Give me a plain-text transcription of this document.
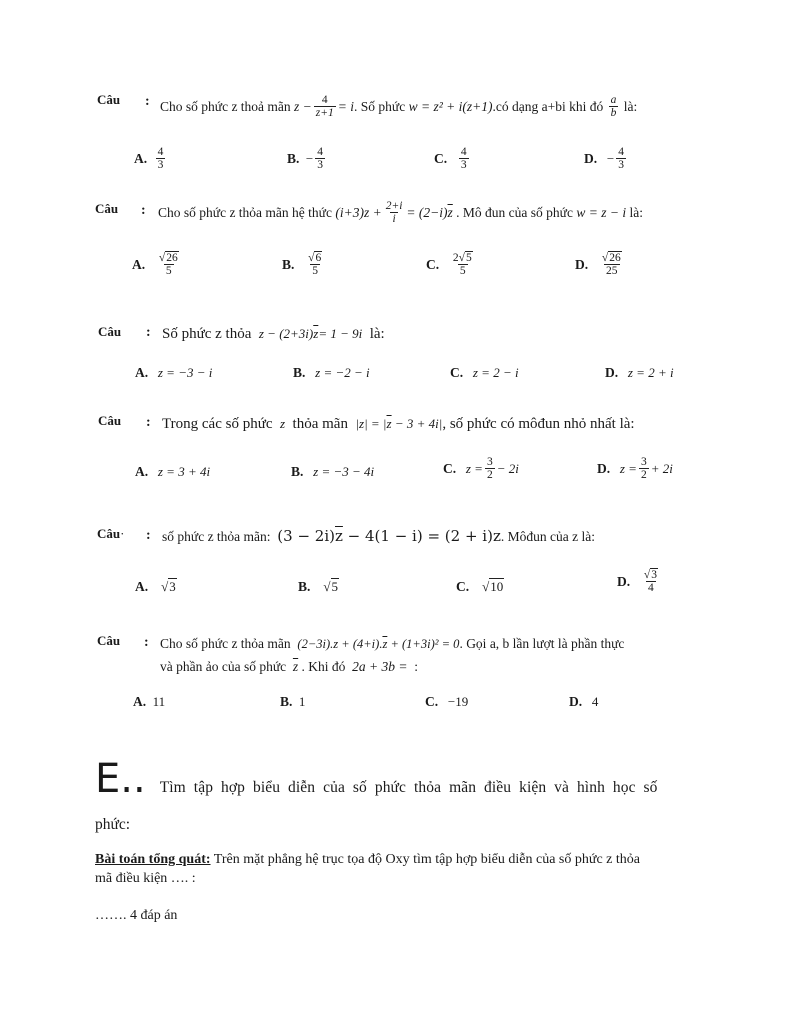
Câu : Cho số phức z thoả mãn
$z - \frac{4}{z+1} = i$ . Số phức
w = z² + i(z+1) .có dạng a+bi khi đó
$\frac{a}{b}$
là:
A.
$\frac{4}{3}$	B.
− $\frac{4}{3}$	C.
$\frac{4}{3}$	D.
− $\frac{4}{3}$
Câu : Cho số phức z thỏa mãn hệ thức
$(i+3)z + \frac{2+i}{i} = (2-i)$ $\overline{z}$
. Mô đun của số phức
w = z − i
là:
A.
$\frac{√26}{5}$	B.
$\frac{√6}{5}$	C.
$\frac{2√5}{5}$	D.
$\frac{√26}{25}$
Câu : Số phức z thỏa $z - (2+3i)\overline{z}= 1 - 9i$ là:
A.
z = −3 − i	B.
z = −2 − i	C.
z = 2 − i	D.
z = 2 + i
Câu : Trong các số phức z thỏa mãn $|z| = |\overline{z} - 3 + 4i|$, số phức có môđun nhỏ nhất là:
A.
z = 3 + 4i	B.
z = −3 − 4i	C.
$z = \frac{3}{2} - 2i$	D.
$z = \frac{3}{2} + 2i$
Câu· : số phức z thỏa mãn: $(3 - 2i)\overline{z} - 4(1 - i) = (2 + i)z$. Môđun của z là:
A. √ 3	B. √ 5	C. √ 10	D.
$\frac{√3}{4}$
Câu : Cho số phức z thỏa mãn $(2-3i).z + (4+i).\overline{z} + (1+3i)^2 = 0$. Gọi a, b lần lượt là phần thực
và phần ảo của số phức $\overline{z}$ . Khi đó 2a + 3b = :
A.
11	B.
1	C.
−19	D.
4
E.. Tìm tập hợp biểu diễn của số phức thỏa mãn điều kiện và hình học số
phức:
Bài toán tổng quát: Trên mặt phẳng hệ trục tọa độ Oxy tìm tập hợp biểu diễn của số phức z thỏa
mã điều kiện …. :
……. 4 đáp án
